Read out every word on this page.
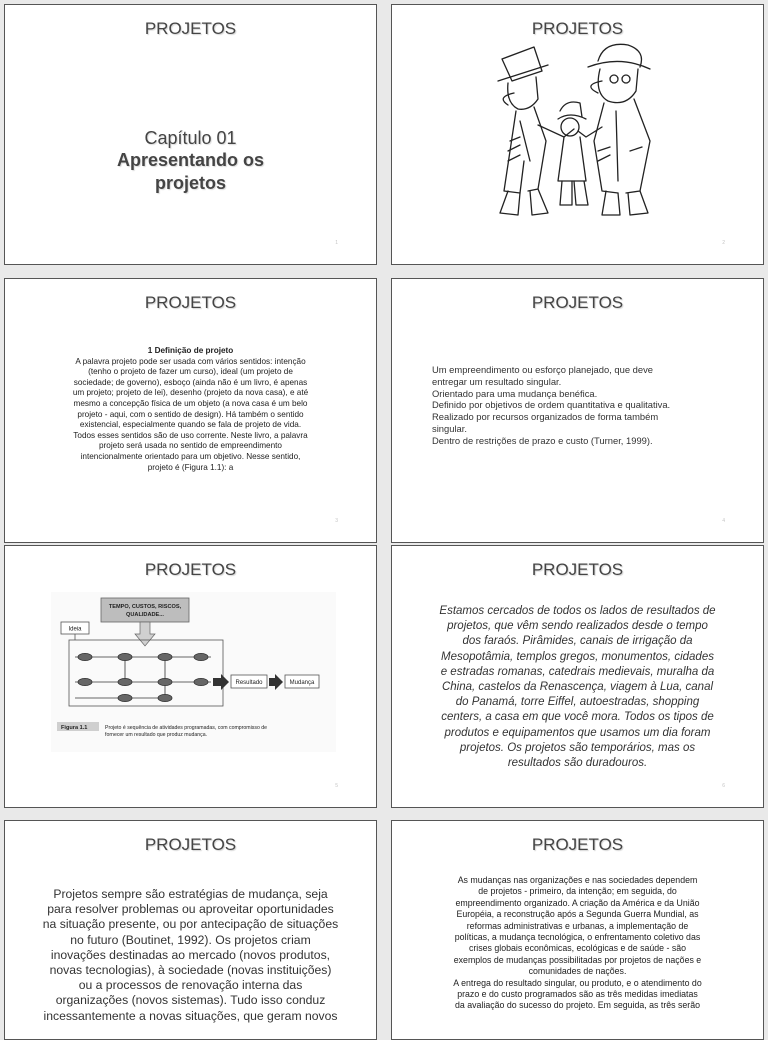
PROJETOS
Capítulo 01
Apresentando os
projetos
1
PROJETOS
2
PROJETOS
1 Definição de projeto
A palavra projeto pode ser usada com vários sentidos: intenção
(tenho o projeto de fazer um curso), ideal (um projeto de
sociedade; de governo), esboço (ainda não é um livro, é apenas
um projeto; projeto de lei), desenho (projeto da nova casa), e até
mesmo a concepção física de um objeto (a nova casa é um belo
projeto - aqui, com o sentido de design). Há também o sentido
existencial, especialmente quando se fala de projeto de vida.
Todos esses sentidos são de uso corrente. Neste livro, a palavra
projeto será usada no sentido de empreendimento
intencionalmente orientado para um objetivo. Nesse sentido,
projeto é (Figura 1.1): a
3
PROJETOS
Um empreendimento ou esforço planejado, que deve
entregar um resultado singular.
Orientado para uma mudança benéfica.
Definido por objetivos de ordem quantitativa e qualitativa.
Realizado por recursos organizados de forma também
singular.
Dentro de restrições de prazo e custo (Turner, 1999).
4
PROJETOS
TEMPO, CUSTOS, RISCOS,
QUALIDADE...
Ideia
Resultado	Mudança
Figura 1.1	Projeto é sequência de atividades programadas, com compromisso de
fornecer um resultado que produz mudança.
5
PROJETOS
Estamos cercados de todos os lados de resultados de
projetos, que vêm sendo realizados desde o tempo
dos faraós. Pirâmides, canais de irrigação da
Mesopotâmia, templos gregos, monumentos, cidades
e estradas romanas, catedrais medievais, muralha da
China, castelos da Renascença, viagem à Lua, canal
do Panamá, torre Eiffel, autoestradas, shopping
centers, a casa em que você mora. Todos os tipos de
produtos e equipamentos que usamos um dia foram
projetos. Os projetos são temporários, mas os
resultados são duradouros.
6
PROJETOS
Projetos sempre são estratégias de mudança, seja
para resolver problemas ou aproveitar oportunidades
na situação presente, ou por antecipação de situações
no futuro (Boutinet, 1992). Os projetos criam
inovações destinadas ao mercado (novos produtos,
novas tecnologias), à sociedade (novas instituições)
ou a processos de renovação interna das
organizações (novos sistemas). Tudo isso conduz
incessantemente a novas situações, que geram novos
PROJETOS
As mudanças nas organizações e nas sociedades dependem
de projetos - primeiro, da intenção; em seguida, do
empreendimento organizado. A criação da América e da União
Européia, a reconstrução após a Segunda Guerra Mundial, as
reformas administrativas e urbanas, a implementação de
políticas, a mudança tecnológica, o enfrentamento coletivo das
crises globais econômicas, ecológicas e de saúde - são
exemplos de mudanças possibilitadas por projetos de nações e
comunidades de nações.
A entrega do resultado singular, ou produto, e o atendimento do
prazo e do custo programados são as três medidas imediatas
da avaliação do sucesso do projeto. Em seguida, as três serão
